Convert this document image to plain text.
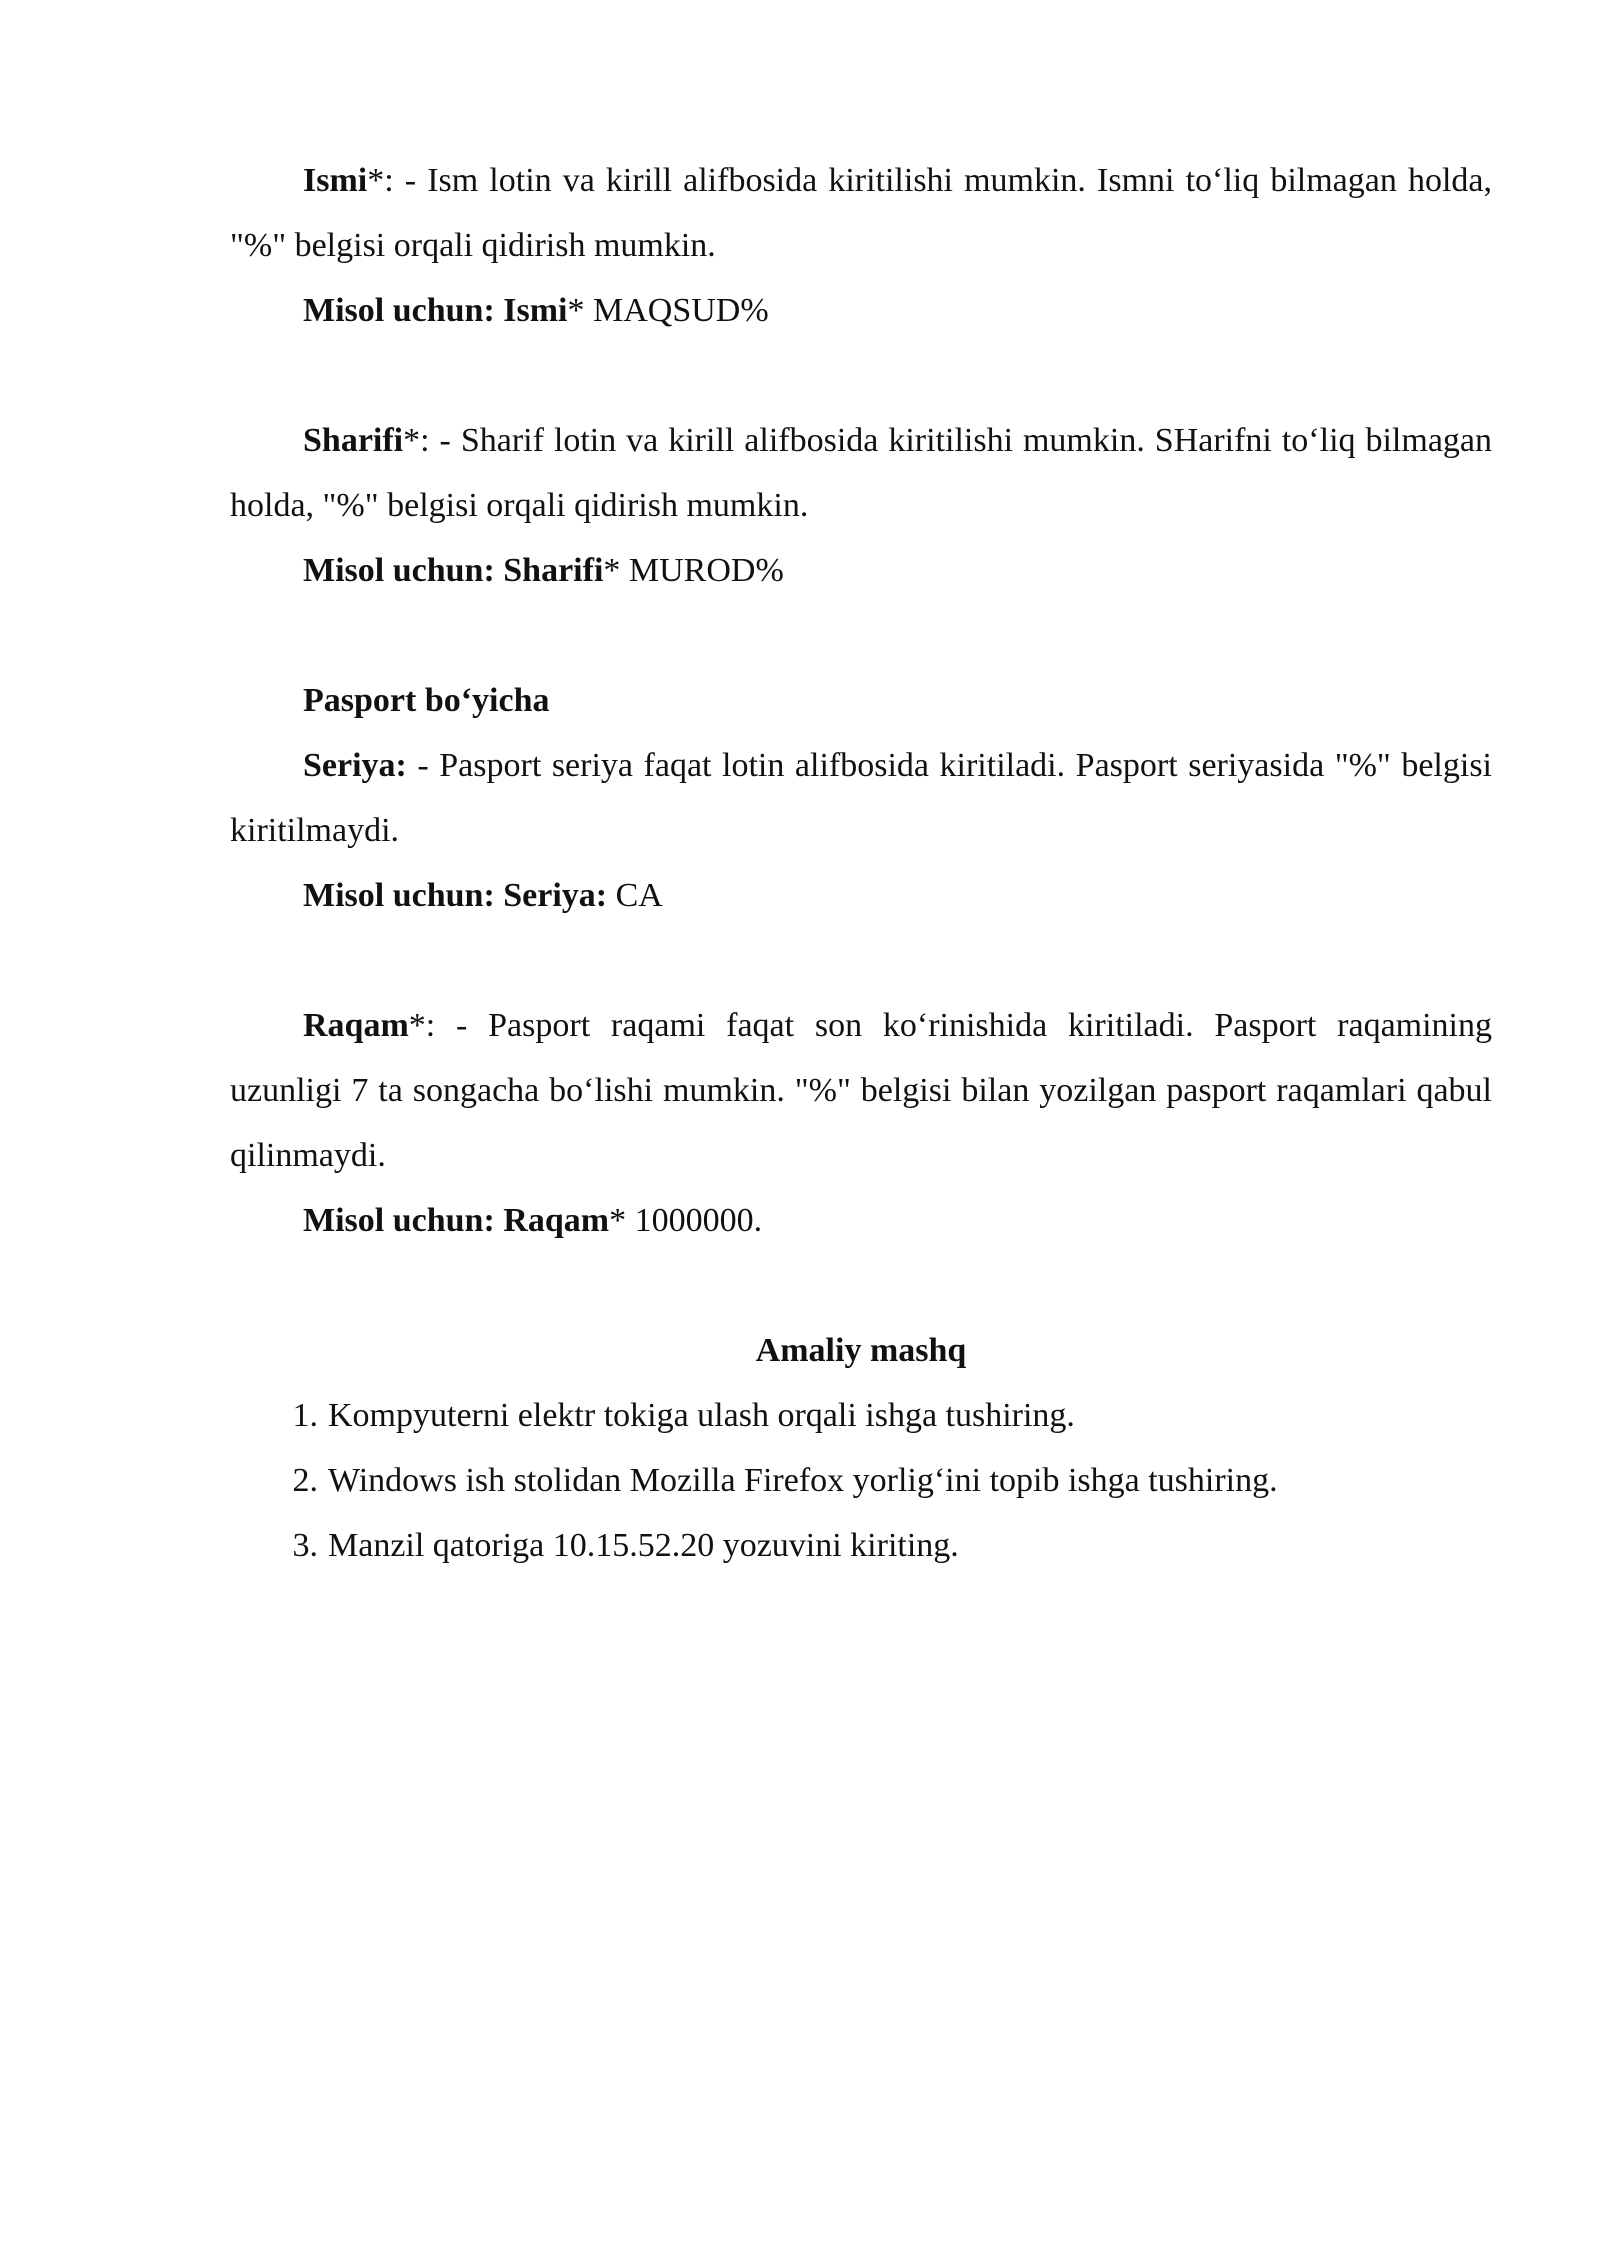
Ismi*: - Ism lotin va kirill alifbosida kiritilishi mumkin. Ismni to‘liq bilmagan holda, "%" belgisi orqali qidirish mumkin.

Misol uchun: Ismi* MAQSUD%

Sharifi*: - Sharif lotin va kirill alifbosida kiritilishi mumkin. SHarifni to‘liq bilmagan holda, "%" belgisi orqali qidirish mumkin.

Misol uchun: Sharifi* MUROD%

Pasport bo‘yicha

Seriya: - Pasport seriya faqat lotin alifbosida kiritiladi. Pasport seriyasida "%" belgisi kiritilmaydi.

Misol uchun: Seriya: CA

Raqam*: - Pasport raqami faqat son ko‘rinishida kiritiladi. Pasport raqamining uzunligi 7 ta songacha bo‘lishi mumkin. "%" belgisi bilan yozilgan pasport raqamlari qabul qilinmaydi.

Misol uchun: Raqam* 1000000.

Amaliy mashq

1. Kompyuterni elektr tokiga ulash orqali ishga tushiring.
2. Windows ish stolidan Mozilla Firefox yorlig‘ini topib ishga tushiring.
3. Manzil qatoriga 10.15.52.20 yozuvini kiriting.
